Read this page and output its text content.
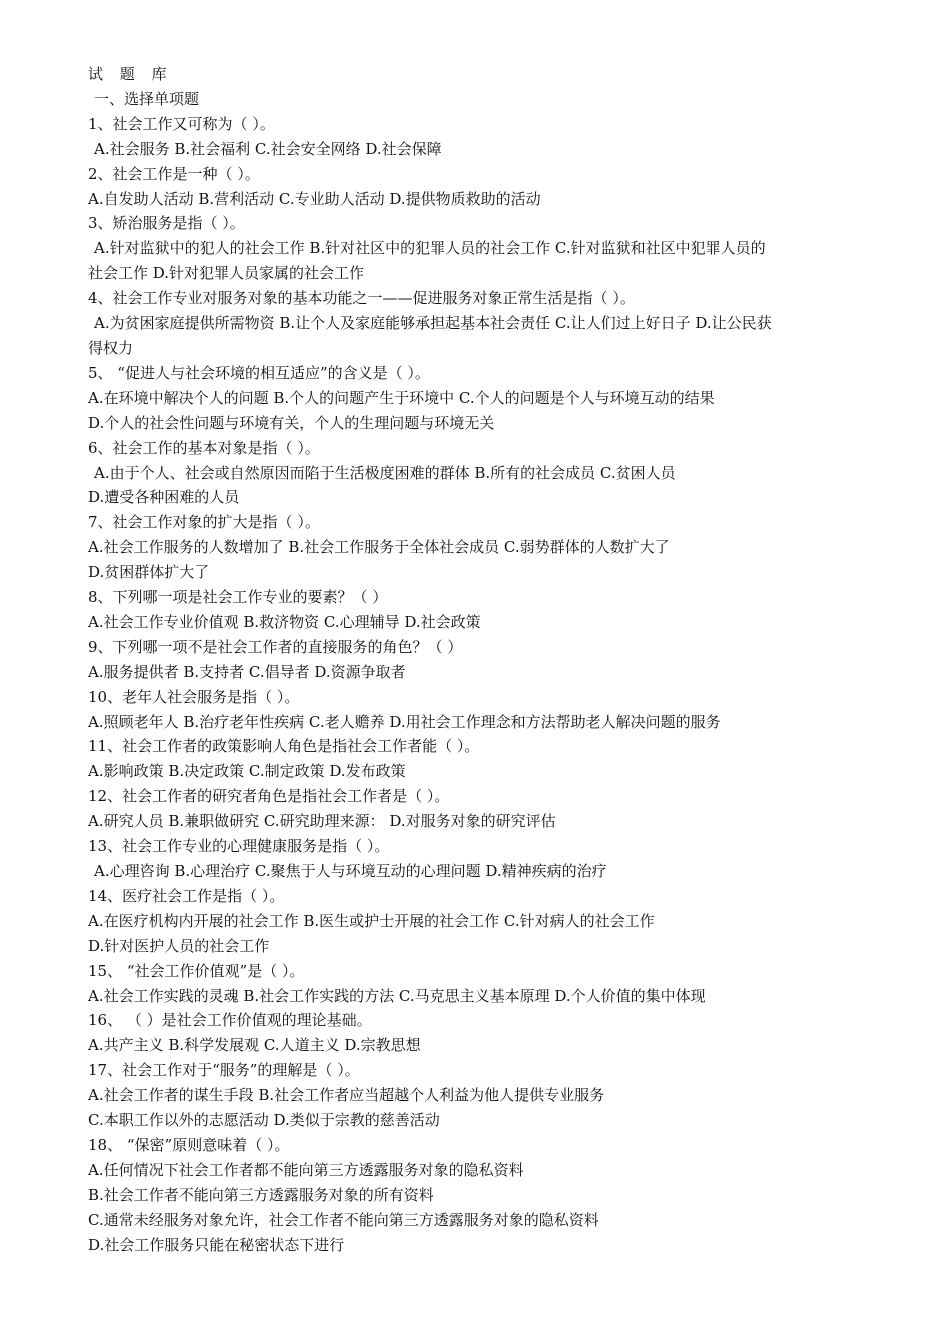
试 题 库
一、选择单项题
1、社会工作又可称为（ ）。
A.社会服务 B.社会福利 C.社会安全网络 D.社会保障
2、社会工作是一种（ ）。
A.自发助人活动 B.营利活动 C.专业助人活动 D.提供物质救助的活动
3、矫治服务是指（ ）。
A.针对监狱中的犯人的社会工作 B.针对社区中的犯罪人员的社会工作 C.针对监狱和社区中犯罪人员的
社会工作 D.针对犯罪人员家属的社会工作
4、社会工作专业对服务对象的基本功能之一——促进服务对象正常生活是指（ ）。
A.为贫困家庭提供所需物资 B.让个人及家庭能够承担起基本社会责任 C.让人们过上好日子 D.让公民获
得权力
5、 “促进人与社会环境的相互适应”的含义是（ ）。
A.在环境中解决个人的问题 B.个人的问题产生于环境中 C.个人的问题是个人与环境互动的结果
D.个人的社会性问题与环境有关，个人的生理问题与环境无关
6、社会工作的基本对象是指（ ）。
A.由于个人、社会或自然原因而陷于生活极度困难的群体 B.所有的社会成员 C.贫困人员
D.遭受各种困难的人员
7、社会工作对象的扩大是指（ ）。
A.社会工作服务的人数增加了 B.社会工作服务于全体社会成员 C.弱势群体的人数扩大了
D.贫困群体扩大了
8、下列哪一项是社会工作专业的要素？（ ）
A.社会工作专业价值观 B.救济物资 C.心理辅导 D.社会政策
9、下列哪一项不是社会工作者的直接服务的角色？（ ）
A.服务提供者 B.支持者 C.倡导者 D.资源争取者
10、老年人社会服务是指（ ）。
A.照顾老年人 B.治疗老年性疾病 C.老人赡养 D.用社会工作理念和方法帮助老人解决问题的服务
11、社会工作者的政策影响人角色是指社会工作者能（ ）。
A.影响政策 B.决定政策 C.制定政策 D.发布政策
12、社会工作者的研究者角色是指社会工作者是（ ）。
A.研究人员 B.兼职做研究 C.研究助理来源： D.对服务对象的研究评估
13、社会工作专业的心理健康服务是指（ ）。
A.心理咨询 B.心理治疗 C.聚焦于人与环境互动的心理问题 D.精神疾病的治疗
14、医疗社会工作是指（ ）。
A.在医疗机构内开展的社会工作 B.医生或护士开展的社会工作 C.针对病人的社会工作
D.针对医护人员的社会工作
15、 “社会工作价值观”是（ ）。
A.社会工作实践的灵魂 B.社会工作实践的方法 C.马克思主义基本原理 D.个人价值的集中体现
16、 （ ）是社会工作价值观的理论基础。
A.共产主义 B.科学发展观 C.人道主义 D.宗教思想
17、社会工作对于“服务”的理解是（ ）。
A.社会工作者的谋生手段 B.社会工作者应当超越个人利益为他人提供专业服务
C.本职工作以外的志愿活动 D.类似于宗教的慈善活动
18、 “保密”原则意味着（ ）。
A.任何情况下社会工作者都不能向第三方透露服务对象的隐私资料
B.社会工作者不能向第三方透露服务对象的所有资料
C.通常未经服务对象允许，社会工作者不能向第三方透露服务对象的隐私资料
D.社会工作服务只能在秘密状态下进行
